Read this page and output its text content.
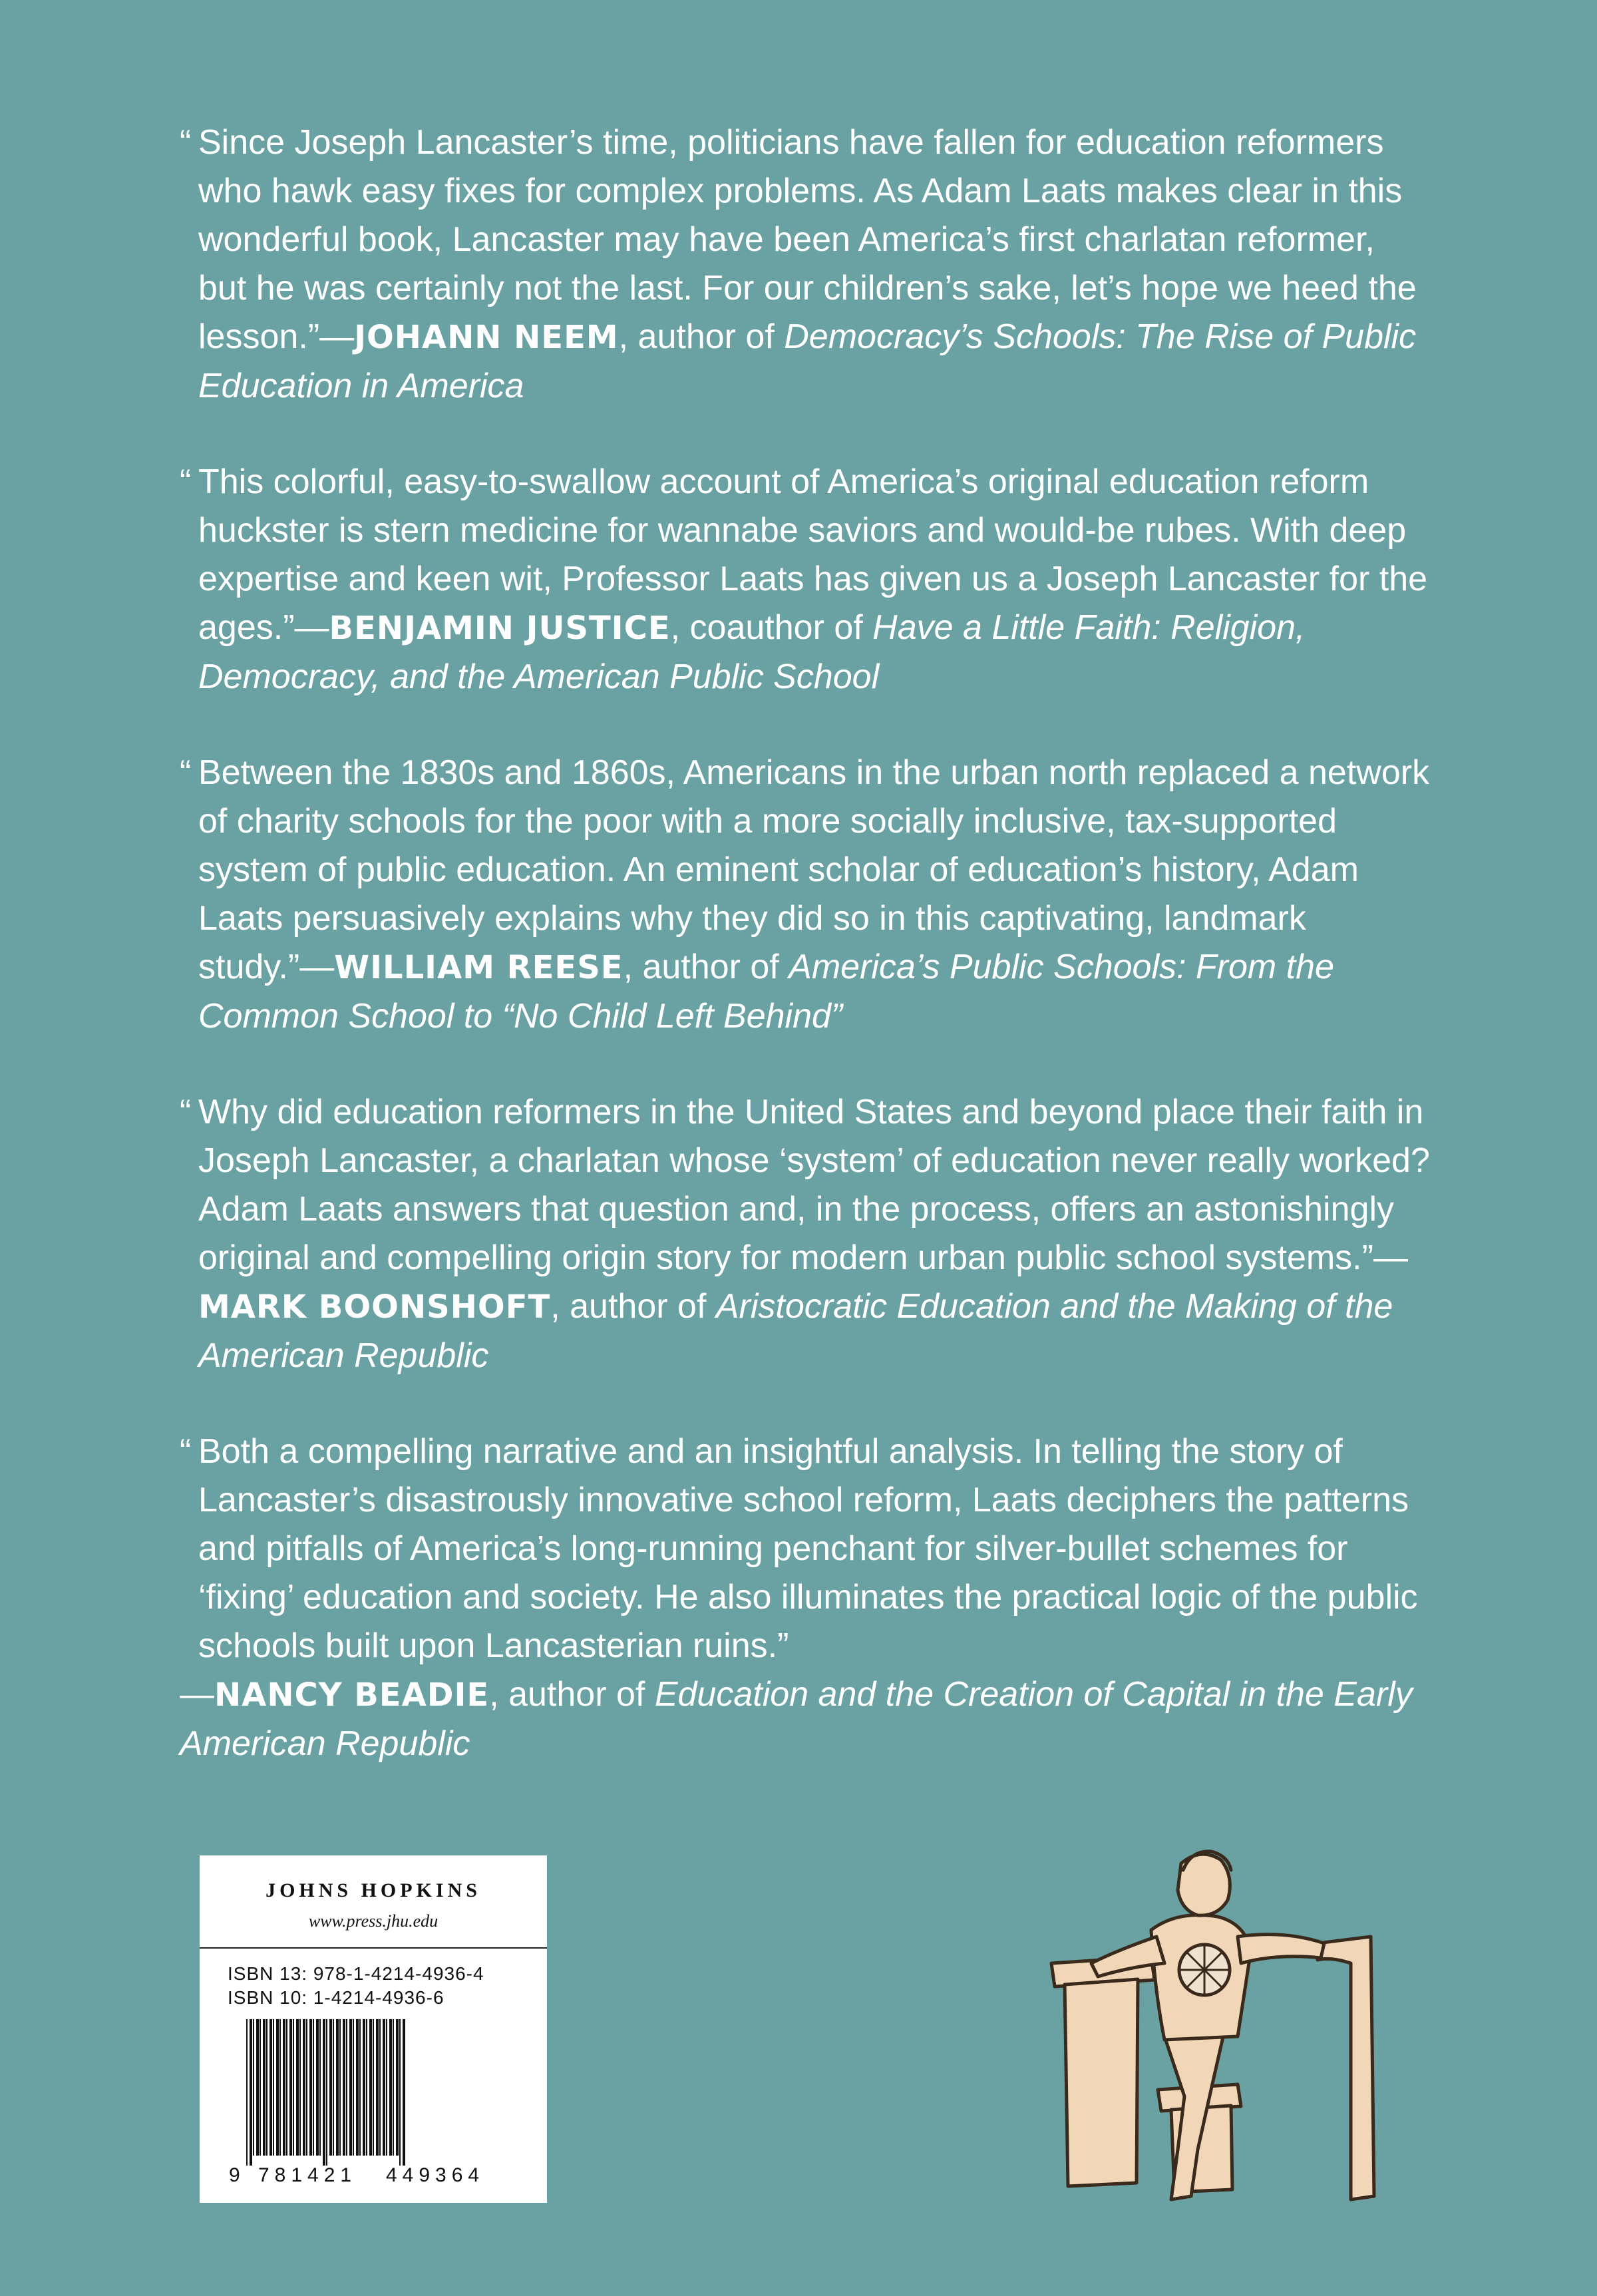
“ Since Joseph Lancaster’s time, politicians have fallen for education reformers who hawk easy fixes for complex problems. As Adam Laats makes clear in this wonderful book, Lancaster may have been America’s first charlatan reformer, but he was certainly not the last. For our children’s sake, let’s hope we heed the lesson.”—JOHANN NEEM, author of Democracy’s Schools: The Rise of Public Education in America
“ This colorful, easy-to-swallow account of America’s original education reform huckster is stern medicine for wannabe saviors and would-be rubes. With deep expertise and keen wit, Professor Laats has given us a Joseph Lancaster for the ages.”—BENJAMIN JUSTICE, coauthor of Have a Little Faith: Religion, Democracy, and the American Public School
“ Between the 1830s and 1860s, Americans in the urban north replaced a network of charity schools for the poor with a more socially inclusive, tax-supported system of public education. An eminent scholar of education’s history, Adam Laats persuasively explains why they did so in this captivating, landmark study.”—WILLIAM REESE, author of America’s Public Schools: From the Common School to “No Child Left Behind”
“ Why did education reformers in the United States and beyond place their faith in Joseph Lancaster, a charlatan whose ‘system’ of education never really worked? Adam Laats answers that question and, in the process, offers an astonishingly original and compelling origin story for modern urban public school systems.”—MARK BOONSHOFT, author of Aristocratic Education and the Making of the American Republic
“ Both a compelling narrative and an insightful analysis. In telling the story of Lancaster’s disastrously innovative school reform, Laats deciphers the patterns and pitfalls of America’s long-running penchant for silver-bullet schemes for ‘fixing’ education and society. He also illuminates the practical logic of the public schools built upon Lancasterian ruins.”
—NANCY BEADIE, author of Education and the Creation of Capital in the Early American Republic
JOHNS HOPKINS
www.press.jhu.edu
ISBN 13: 978-1-4214-4936-4
ISBN 10: 1-4214-4936-6
9 781421 449364
